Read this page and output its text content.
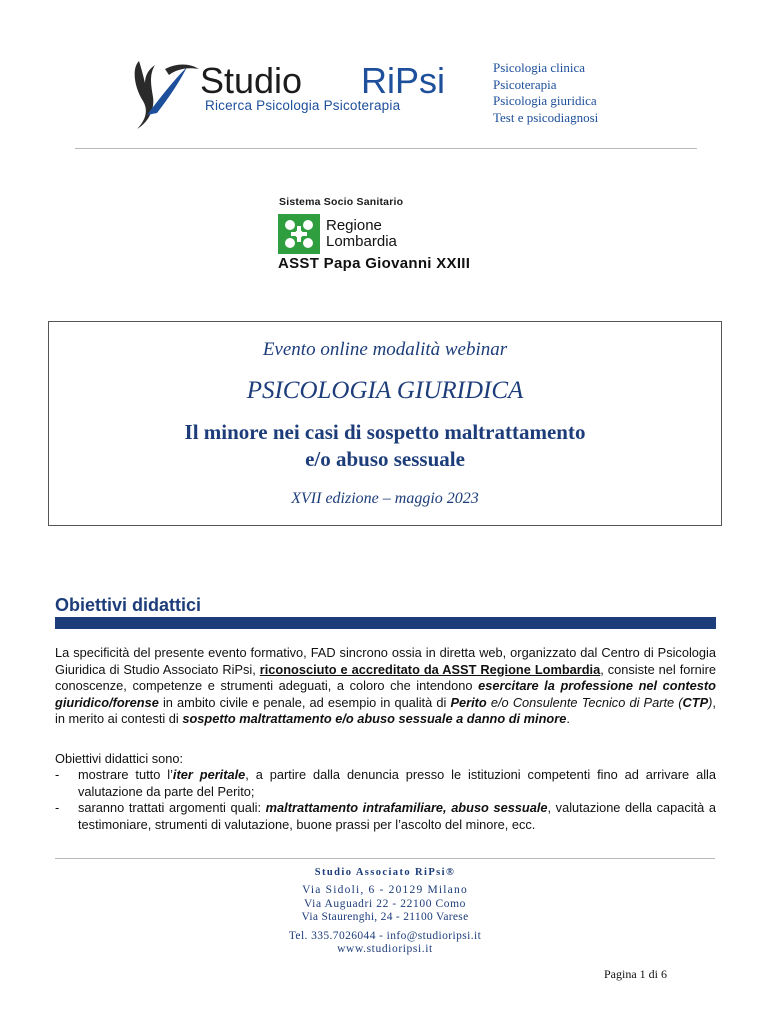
Studio RiPsi
Ricerca Psicologia Psicoterapia
Psicologia clinica
Psicoterapia
Psicologia giuridica
Test e psicodiagnosi
Sistema Socio Sanitario
Regione
Lombardia
ASST Papa Giovanni XXIII
Evento online modalità webinar
PSICOLOGIA GIURIDICA
Il minore nei casi di sospetto maltrattamento
e/o abuso sessuale
XVII edizione – maggio 2023
Obiettivi didattici
La specificità del presente evento formativo, FAD sincrono ossia in diretta web, organizzato dal Centro di Psicologia Giuridica di Studio Associato RiPsi, riconosciuto e accreditato da ASST Regione Lombardia, consiste nel fornire conoscenze, competenze e strumenti adeguati, a coloro che intendono esercitare la professione nel contesto giuridico/forense in ambito civile e penale, ad esempio in qualità di Perito e/o Consulente Tecnico di Parte (CTP), in merito ai contesti di sospetto maltrattamento e/o abuso sessuale a danno di minore.
Obiettivi didattici sono:
- mostrare tutto l’iter peritale, a partire dalla denuncia presso le istituzioni competenti fino ad arrivare alla valutazione da parte del Perito;
- saranno trattati argomenti quali: maltrattamento intrafamiliare, abuso sessuale, valutazione della capacità a testimoniare, strumenti di valutazione, buone prassi per l’ascolto del minore, ecc.
Studio Associato RiPsi®
Via Sidoli, 6 - 20129 Milano
Via Auguadri 22 - 22100 Como
Via Staurenghi, 24 - 21100 Varese
Tel. 335.7026044 - info@studioripsi.it
www.studioripsi.it
Pagina 1 di 6
